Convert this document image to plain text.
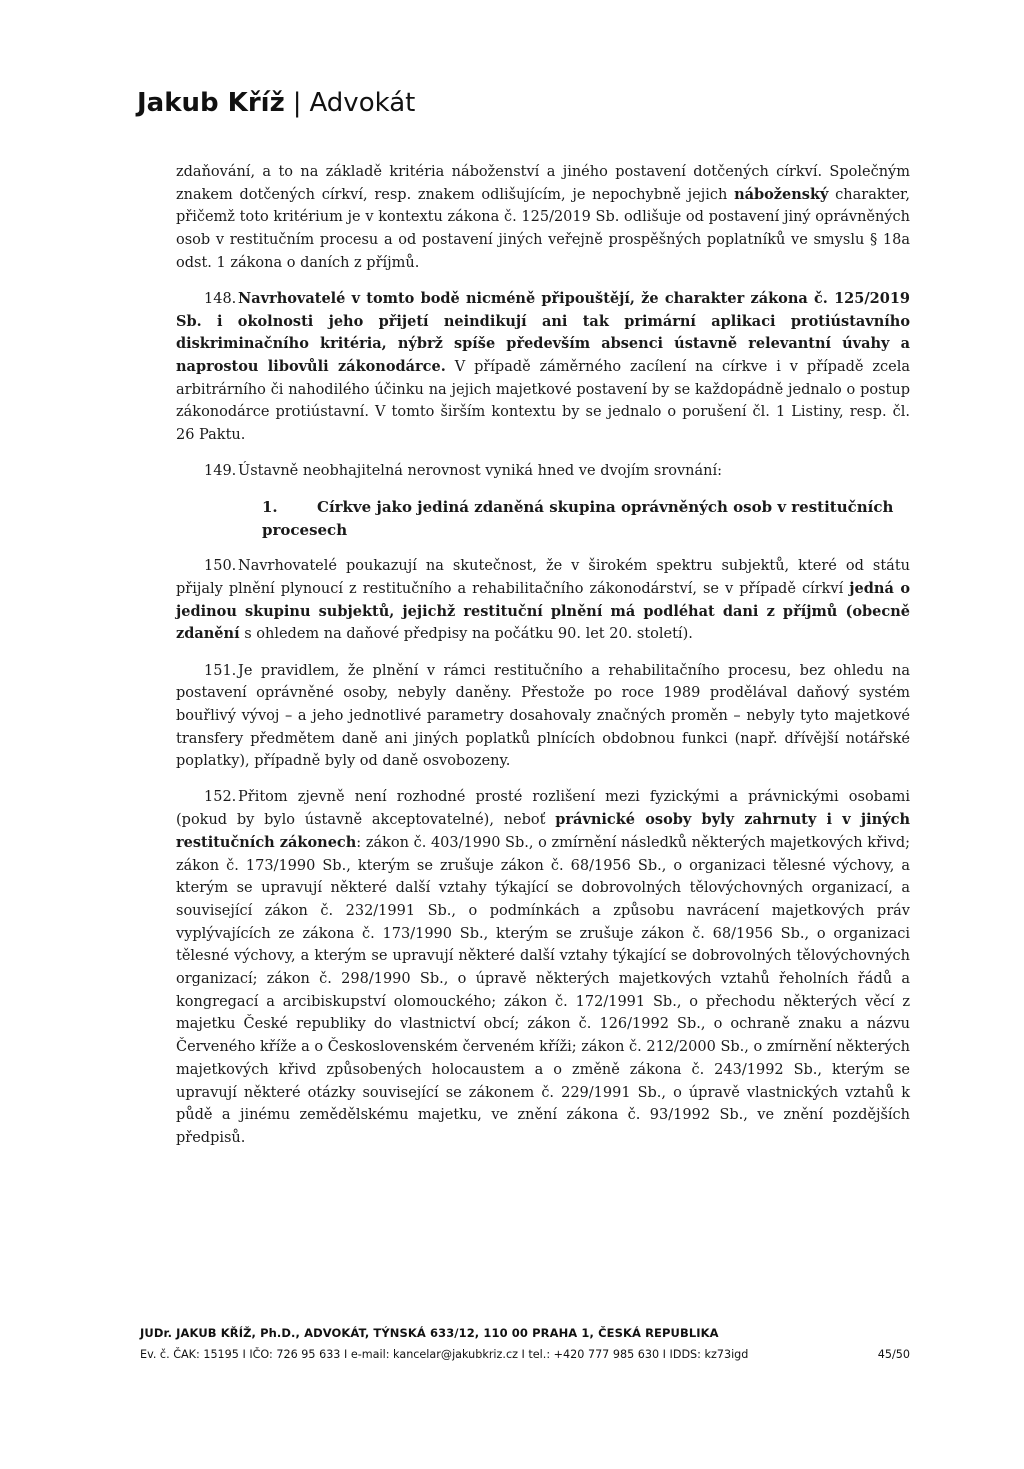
Jakub Kříž | Advokát

zdaňování, a to na základě kritéria náboženství a jiného postavení dotčených církví. Společným znakem dotčených církví, resp. znakem odlišujícím, je nepochybně jejich náboženský charakter, přičemž toto kritérium je v kontextu zákona č. 125/2019 Sb. odlišuje od postavení jiný oprávněných osob v restitučním procesu a od postavení jiných veřejně prospěšných poplatníků ve smyslu § 18a odst. 1 zákona o daních z příjmů.

148. Navrhovatelé v tomto bodě nicméně připouštějí, že charakter zákona č. 125/2019 Sb. i okolnosti jeho přijetí neindikují ani tak primární aplikaci protiústavního diskriminačního kritéria, nýbrž spíše především absenci ústavně relevantní úvahy a naprostou libovůli zákonodárce. V případě záměrného zacílení na církve i v případě zcela arbitrárního či nahodilého účinku na jejich majetkové postavení by se každopádně jednalo o postup zákonodárce protiústavní. V tomto širším kontextu by se jednalo o porušení čl. 1 Listiny, resp. čl. 26 Paktu.

149. Ústavně neobhajitelná nerovnost vyniká hned ve dvojím srovnání:

1.	Církve jako jediná zdaněná skupina oprávněných osob v restitučních
procesech

150. Navrhovatelé poukazují na skutečnost, že v širokém spektru subjektů, které od státu přijaly plnění plynoucí z restitučního a rehabilitačního zákonodárství, se v případě církví jedná o jedinou skupinu subjektů, jejichž restituční plnění má podléhat dani z příjmů (obecně zdanění s ohledem na daňové předpisy na počátku 90. let 20. století).

151. Je pravidlem, že plnění v rámci restitučního a rehabilitačního procesu, bez ohledu na postavení oprávněné osoby, nebyly daněny. Přestože po roce 1989 prodělával daňový systém bouřlivý vývoj – a jeho jednotlivé parametry dosahovaly značných proměn – nebyly tyto majetkové transfery předmětem daně ani jiných poplatků plnících obdobnou funkci (např. dřívější notářské poplatky), případně byly od daně osvobozeny.

152. Přitom zjevně není rozhodné prosté rozlišení mezi fyzickými a právnickými osobami (pokud by bylo ústavně akceptovatelné), neboť právnické osoby byly zahrnuty i v jiných restitučních zákonech: zákon č. 403/1990 Sb., o zmírnění následků některých majetkových křivd; zákon č. 173/1990 Sb., kterým se zrušuje zákon č. 68/1956 Sb., o organizaci tělesné výchovy, a kterým se upravují některé další vztahy týkající se dobrovolných tělovýchovných organizací, a související zákon č. 232/1991 Sb., o podmínkách a způsobu navrácení majetkových práv vyplývajících ze zákona č. 173/1990 Sb., kterým se zrušuje zákon č. 68/1956 Sb., o organizaci tělesné výchovy, a kterým se upravují některé další vztahy týkající se dobrovolných tělovýchovných organizací; zákon č. 298/1990 Sb., o úpravě některých majetkových vztahů řeholních řádů a kongregací a arcibiskupství olomouckého; zákon č. 172/1991 Sb., o přechodu některých věcí z majetku České republiky do vlastnictví obcí; zákon č. 126/1992 Sb., o ochraně znaku a názvu Červeného kříže a o Československém červeném kříži; zákon č. 212/2000 Sb., o zmírnění některých majetkových křivd způsobených holocaustem a o změně zákona č. 243/1992 Sb., kterým se upravují některé otázky související se zákonem č. 229/1991 Sb., o úpravě vlastnických vztahů k půdě a jinému zemědělskému majetku, ve znění zákona č. 93/1992 Sb., ve znění pozdějších předpisů.

JUDr. JAKUB KŘÍŽ, Ph.D., ADVOKÁT, TÝNSKÁ 633/12, 110 00 PRAHA 1, ČESKÁ REPUBLIKA
Ev. č. ČAK: 15195 I IČO: 726 95 633 I e-mail: kancelar@jakubkriz.cz I tel.: +420 777 985 630 I IDDS: kz73igd	45/50
